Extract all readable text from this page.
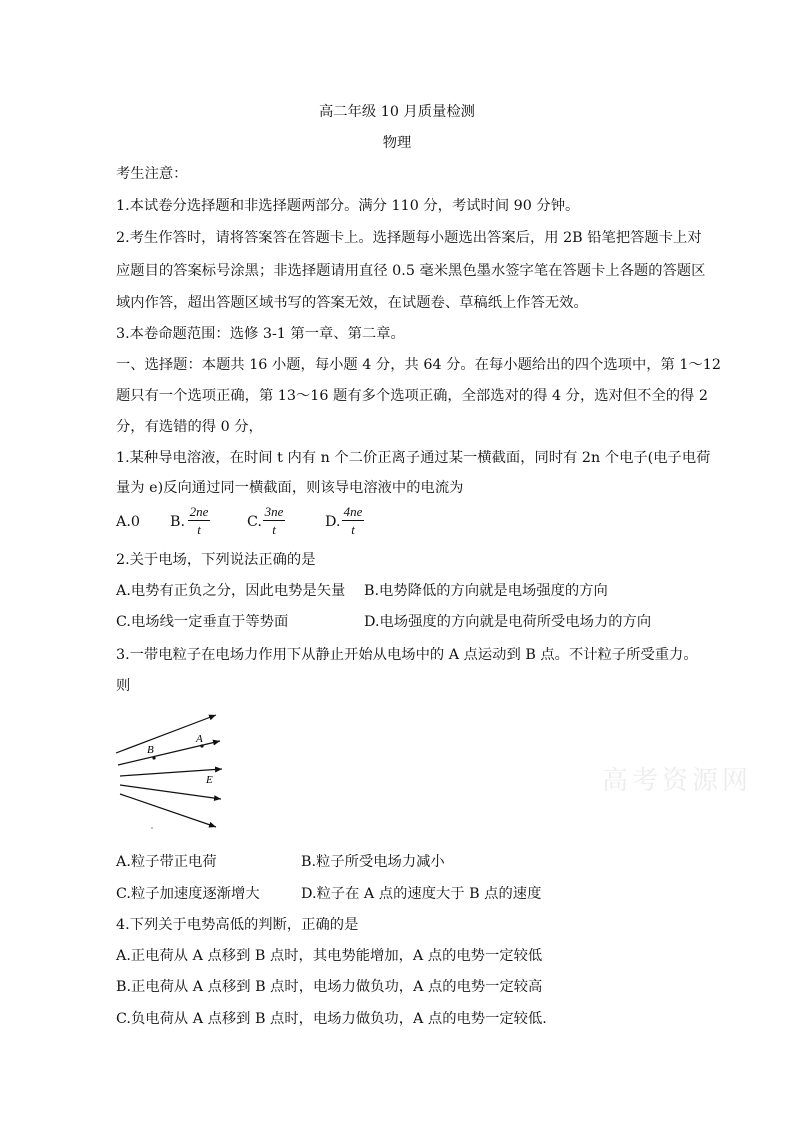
高二年级 10 月质量检测
物理
考生注意：
1.本试卷分选择题和非选择题两部分。满分 110 分，考试时间 90 分钟。
2.考生作答时，请将答案答在答题卡上。选择题每小题选出答案后，用 2B 铅笔把答题卡上对
应题目的答案标号涂黑；非选择题请用直径 0.5 毫米黑色墨水签字笔在答题卡上各题的答题区
域内作答，超出答题区域书写的答案无效，在试题卷、草稿纸上作答无效。
3.本卷命题范围：选修 3-1 第一章、第二章。
一、选择题：本题共 16 小题，每小题 4 分，共 64 分。在每小题给出的四个选项中，第 1～12
题只有一个选项正确，第 13～16 题有多个选项正确，全部选对的得 4 分，选对但不全的得 2
分，有选错的得 0 分，
1.某种导电溶液，在时间 t 内有 n 个二价正离子通过某一横截面，同时有 2n 个电子(电子电荷
量为 e)反向通过同一横截面，则该导电溶液中的电流为
A.0 B.
2ne
t	C.
3ne
t	D.
4ne
t
2.关于电场，下列说法正确的是
A.电势有正负之分，因此电势是矢量 B.电势降低的方向就是电场强度的方向
C.电场线一定垂直于等势面	D.电场强度的方向就是电荷所受电场力的方向
3.一带电粒子在电场力作用下从静止开始从电场中的 A 点运动到 B 点。不计粒子所受重力。
则
B
A
E	高考资源网
A.粒子带正电荷	B.粒子所受电场力减小
C.粒子加速度逐渐增大	D.粒子在 A 点的速度大于 B 点的速度
4.下列关于电势高低的判断，正确的是
A.正电荷从 A 点移到 B 点时，其电势能增加，A 点的电势一定较低
B.正电荷从 A 点移到 B 点时，电场力做负功，A 点的电势一定较高
C.负电荷从 A 点移到 B 点时，电场力做负功，A 点的电势一定较低.
